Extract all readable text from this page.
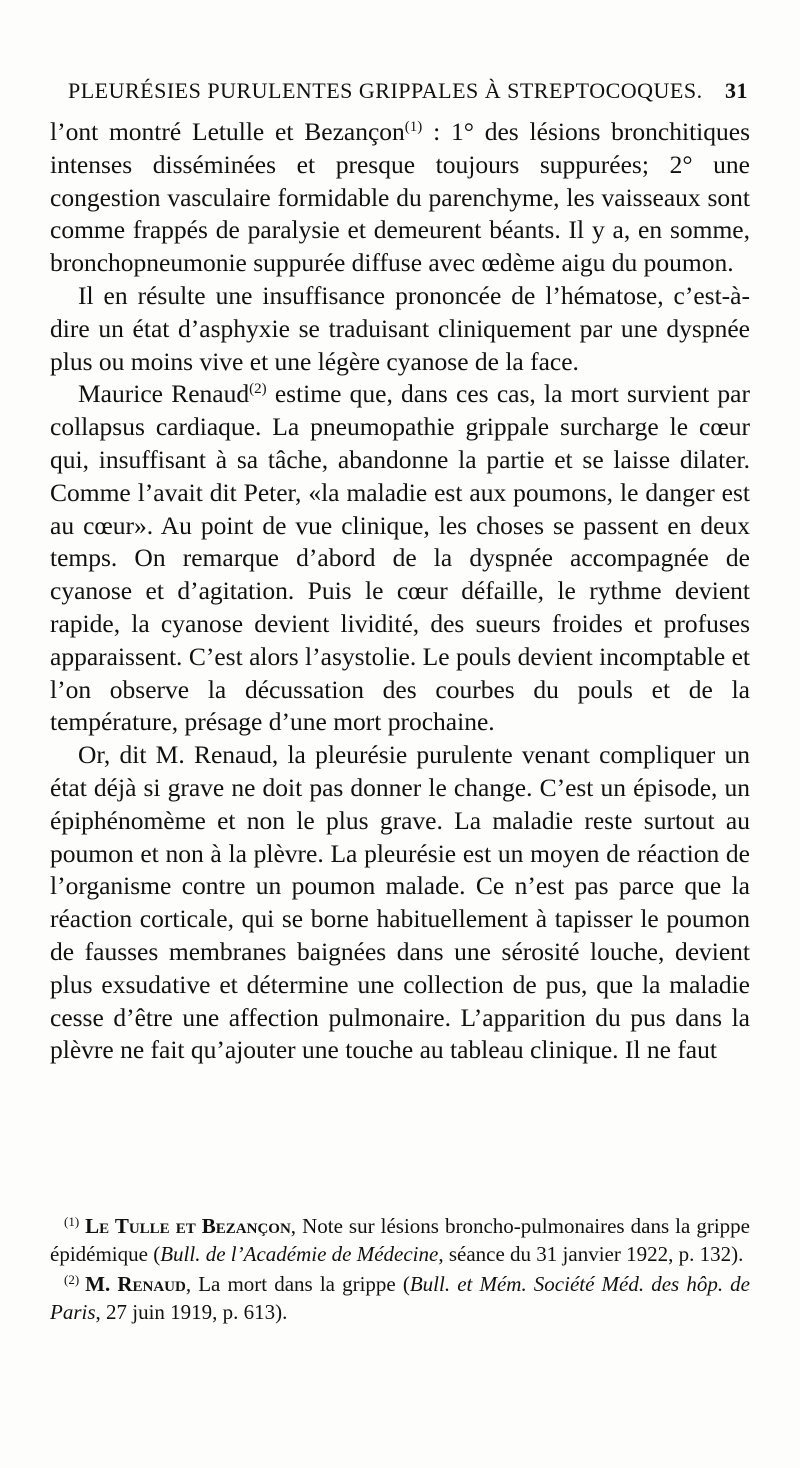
PLEURÉSIES PURULENTES GRIPPALES À STREPTOCOQUES. 31

l’ont montré Letulle et Bezançon$^{(1)}$ : 1° des lésions bronchitiques intenses disséminées et presque toujours suppurées; 2° une congestion vasculaire formidable du parenchyme, les vaisseaux sont comme frappés de paralysie et demeurent béants. Il y a, en somme, bronchopneumonie suppurée diffuse avec œdème aigu du poumon.

Il en résulte une insuffisance prononcée de l’hématose, c’est-à-dire un état d’asphyxie se traduisant cliniquement par une dyspnée plus ou moins vive et une légère cyanose de la face.

Maurice Renaud$^{(2)}$ estime que, dans ces cas, la mort survient par collapsus cardiaque. La pneumopathie grippale surcharge le cœur qui, insuffisant à sa tâche, abandonne la partie et se laisse dilater. Comme l’avait dit Peter, «la maladie est aux poumons, le danger est au cœur». Au point de vue clinique, les choses se passent en deux temps. On remarque d’abord de la dyspnée accompagnée de cyanose et d’agitation. Puis le cœur défaille, le rythme devient rapide, la cyanose devient lividité, des sueurs froides et profuses apparaissent. C’est alors l’asystolie. Le pouls devient incomptable et l’on observe la décussation des courbes du pouls et de la température, présage d’une mort prochaine.

Or, dit M. Renaud, la pleurésie purulente venant compliquer un état déjà si grave ne doit pas donner le change. C’est un épisode, un épiphénomème et non le plus grave. La maladie reste surtout au poumon et non à la plèvre. La pleurésie est un moyen de réaction de l’organisme contre un poumon malade. Ce n’est pas parce que la réaction corticale, qui se borne habituellement à tapisser le poumon de fausses membranes baignées dans une sérosité louche, devient plus exsudative et détermine une collection de pus, que la maladie cesse d’être une affection pulmonaire. L’apparition du pus dans la plèvre ne fait qu’ajouter une touche au tableau clinique. Il ne faut

$^{(1)}$ Le Tulle et Bezançon, Note sur lésions broncho-pulmonaires dans la grippe épidémique (Bull. de l’Académie de Médecine, séance du 31 janvier 1922, p. 132).

$^{(2)}$ M. Renaud, La mort dans la grippe (Bull. et Mém. Société Méd. des hôp. de Paris, 27 juin 1919, p. 613).
